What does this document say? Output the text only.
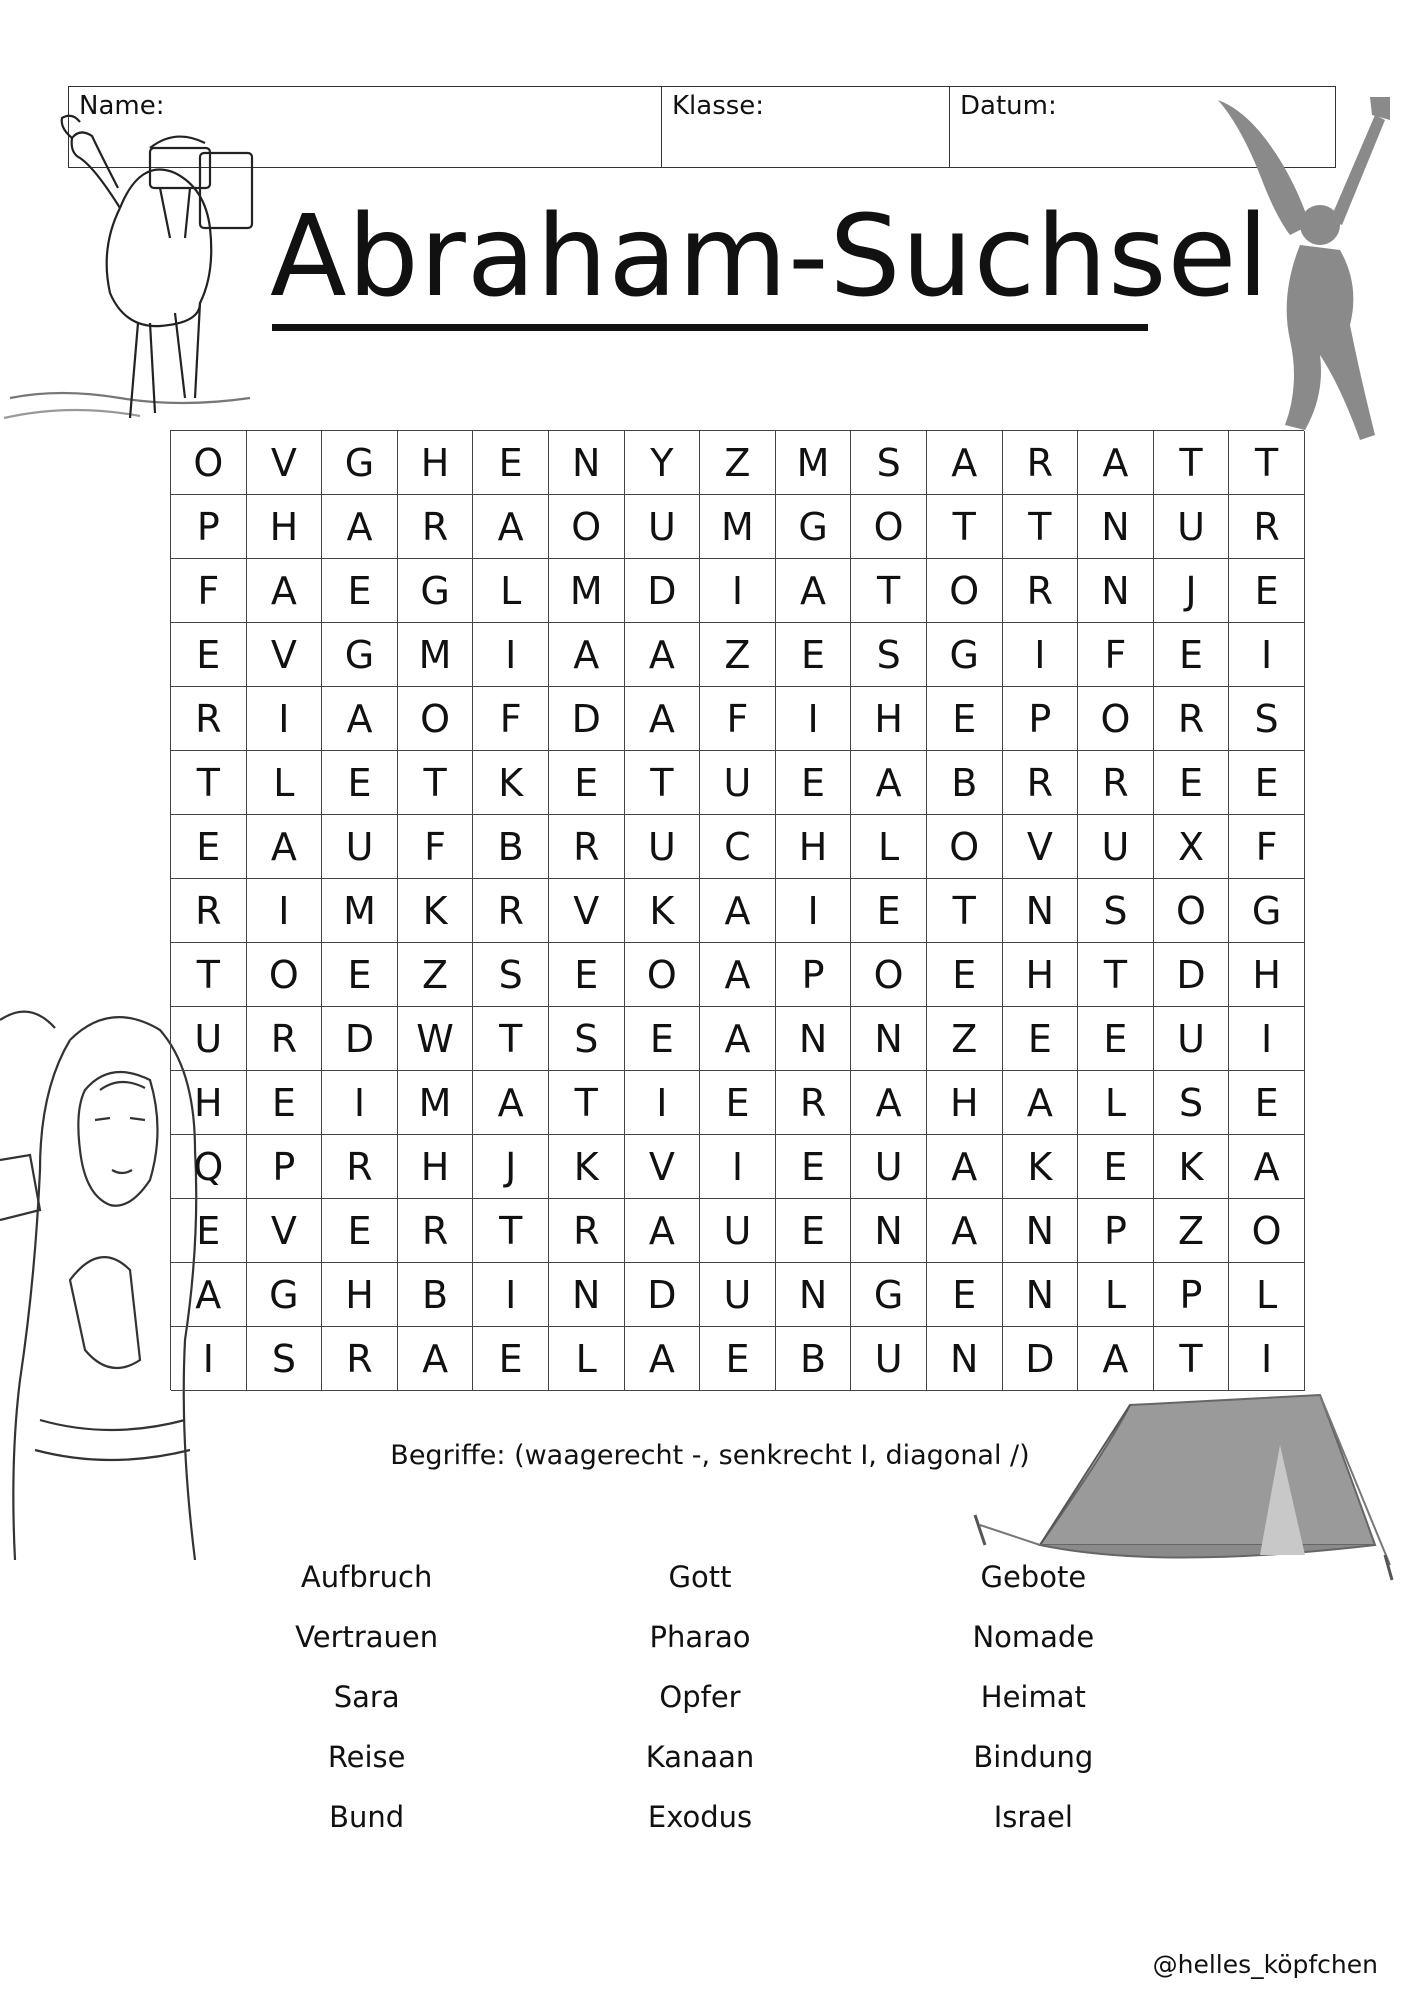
Name:	Klasse:	Datum:
Abraham-Suchsel
O	V	G	H	E	N	Y	Z	M	S	A	R	A	T	T
P	H	A	R	A	O	U	M	G	O	T	T	N	U	R
F	A	E	G	L	M	D	I	A	T	O	R	N	J	E
E	V	G	M	I	A	A	Z	E	S	G	I	F	E	I
R	I	A	O	F	D	A	F	I	H	E	P	O	R	S
T	L	E	T	K	E	T	U	E	A	B	R	R	E	E
E	A	U	F	B	R	U	C	H	L	O	V	U	X	F
R	I	M	K	R	V	K	A	I	E	T	N	S	O	G
T	O	E	Z	S	E	O	A	P	O	E	H	T	D	H
U	R	D	W	T	S	E	A	N	N	Z	E	E	U	I
H	E	I	M	A	T	I	E	R	A	H	A	L	S	E
Q	P	R	H	J	K	V	I	E	U	A	K	E	K	A
E	V	E	R	T	R	A	U	E	N	A	N	P	Z	O
A	G	H	B	I	N	D	U	N	G	E	N	L	P	L
I	S	R	A	E	L	A	E	B	U	N	D	A	T	I
Begriffe: (waagerecht -, senkrecht I, diagonal /)
Aufbruch	Gott	Gebote
Vertrauen	Pharao	Nomade
Sara	Opfer	Heimat
Reise	Kanaan	Bindung
Bund	Exodus	Israel
@helles_köpfchen
